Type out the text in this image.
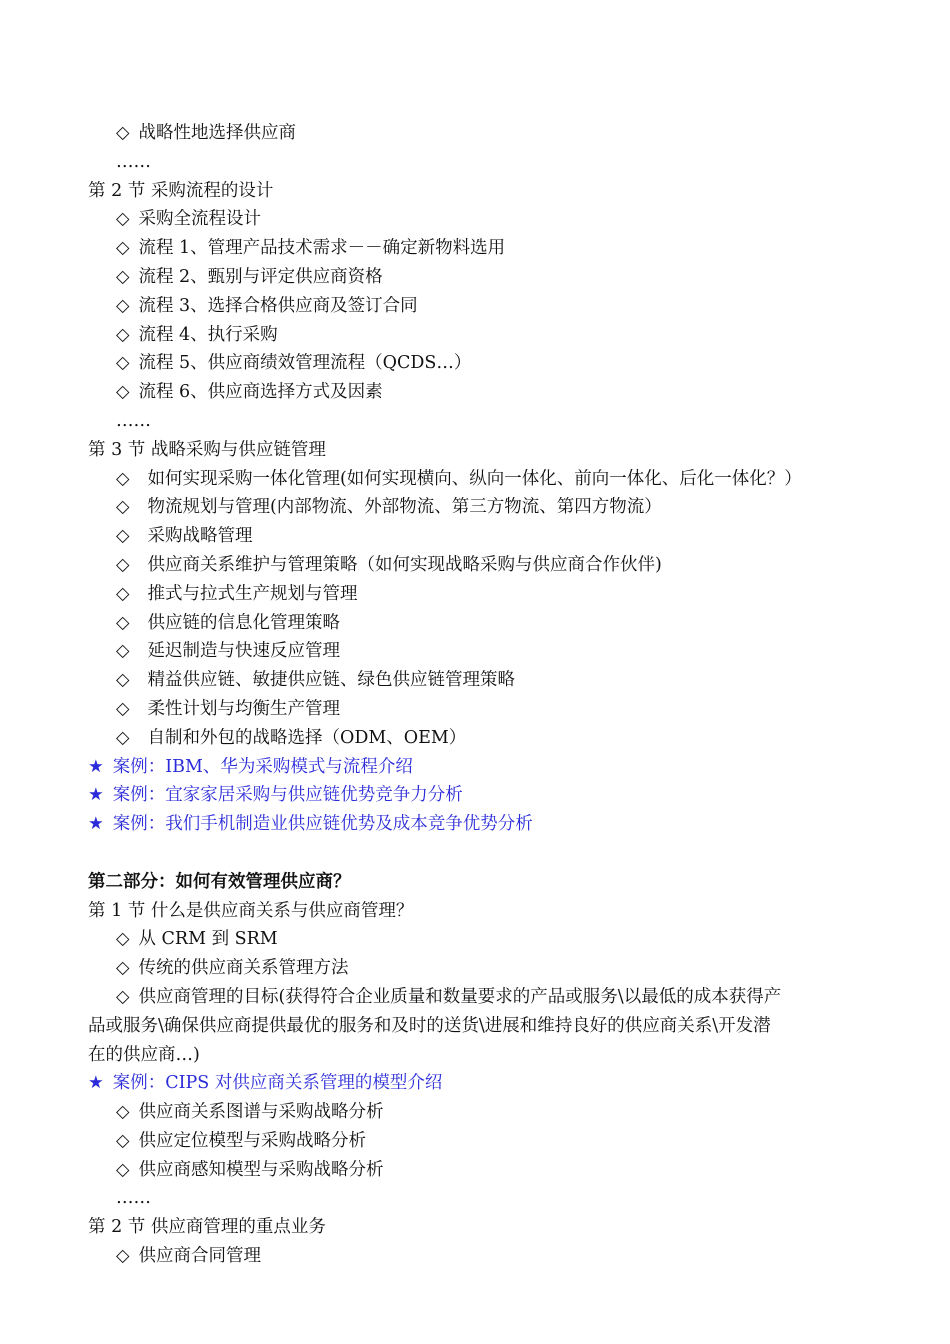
◇ 战略性地选择供应商
……
第 2 节 采购流程的设计
◇ 采购全流程设计
◇ 流程 1、管理产品技术需求－－确定新物料选用
◇ 流程 2、甄别与评定供应商资格
◇ 流程 3、选择合格供应商及签订合同
◇ 流程 4、执行采购
◇ 流程 5、供应商绩效管理流程（QCDS…）
◇ 流程 6、供应商选择方式及因素
……
第 3 节 战略采购与供应链管理
◇ 如何实现采购一体化管理(如何实现横向、纵向一体化、前向一体化、后化一体化？）
◇ 物流规划与管理(内部物流、外部物流、第三方物流、第四方物流）
◇ 采购战略管理
◇ 供应商关系维护与管理策略（如何实现战略采购与供应商合作伙伴)
◇ 推式与拉式生产规划与管理
◇ 供应链的信息化管理策略
◇ 延迟制造与快速反应管理
◇ 精益供应链、敏捷供应链、绿色供应链管理策略
◇ 柔性计划与均衡生产管理
◇ 自制和外包的战略选择（ODM、OEM）
★ 案例：IBM、华为采购模式与流程介绍
★ 案例：宜家家居采购与供应链优势竞争力分析
★ 案例：我们手机制造业供应链优势及成本竞争优势分析
第二部分：如何有效管理供应商？
第 1 节 什么是供应商关系与供应商管理？
◇ 从 CRM 到 SRM
◇ 传统的供应商关系管理方法
◇ 供应商管理的目标(获得符合企业质量和数量要求的产品或服务\以最低的成本获得产
品或服务\确保供应商提供最优的服务和及时的送货\进展和维持良好的供应商关系\开发潜
在的供应商…)
★ 案例：CIPS 对供应商关系管理的模型介绍
◇ 供应商关系图谱与采购战略分析
◇ 供应定位模型与采购战略分析
◇ 供应商感知模型与采购战略分析
……
第 2 节 供应商管理的重点业务
◇ 供应商合同管理
